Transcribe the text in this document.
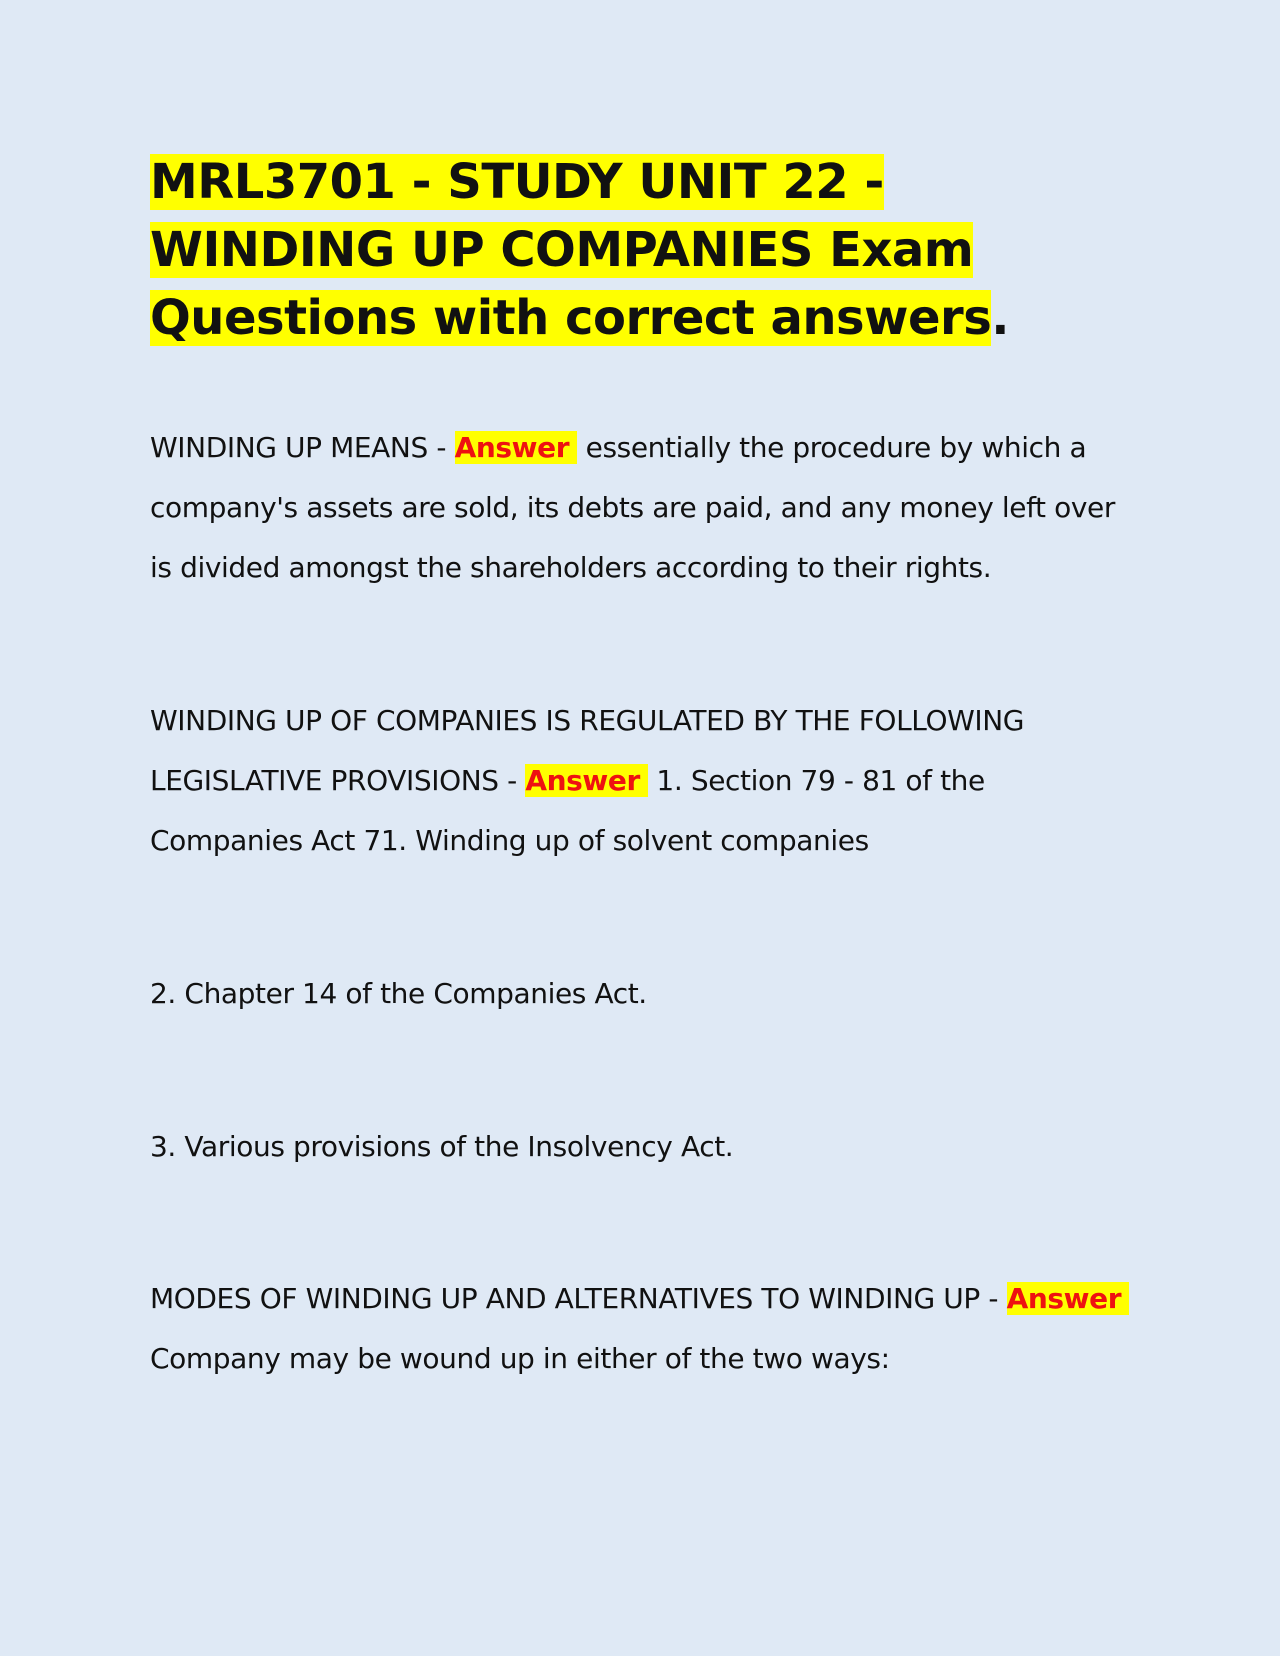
MRL3701 - STUDY UNIT 22 - WINDING UP COMPANIES Exam Questions with correct answers.

WINDING UP MEANS - Answer essentially the procedure by which a company's assets are sold, its debts are paid, and any money left over is divided amongst the shareholders according to their rights.

WINDING UP OF COMPANIES IS REGULATED BY THE FOLLOWING LEGISLATIVE PROVISIONS - Answer 1. Section 79 - 81 of the Companies Act 71. Winding up of solvent companies

2. Chapter 14 of the Companies Act.

3. Various provisions of the Insolvency Act.

MODES OF WINDING UP AND ALTERNATIVES TO WINDING UP - Answer Company may be wound up in either of the two ways:
